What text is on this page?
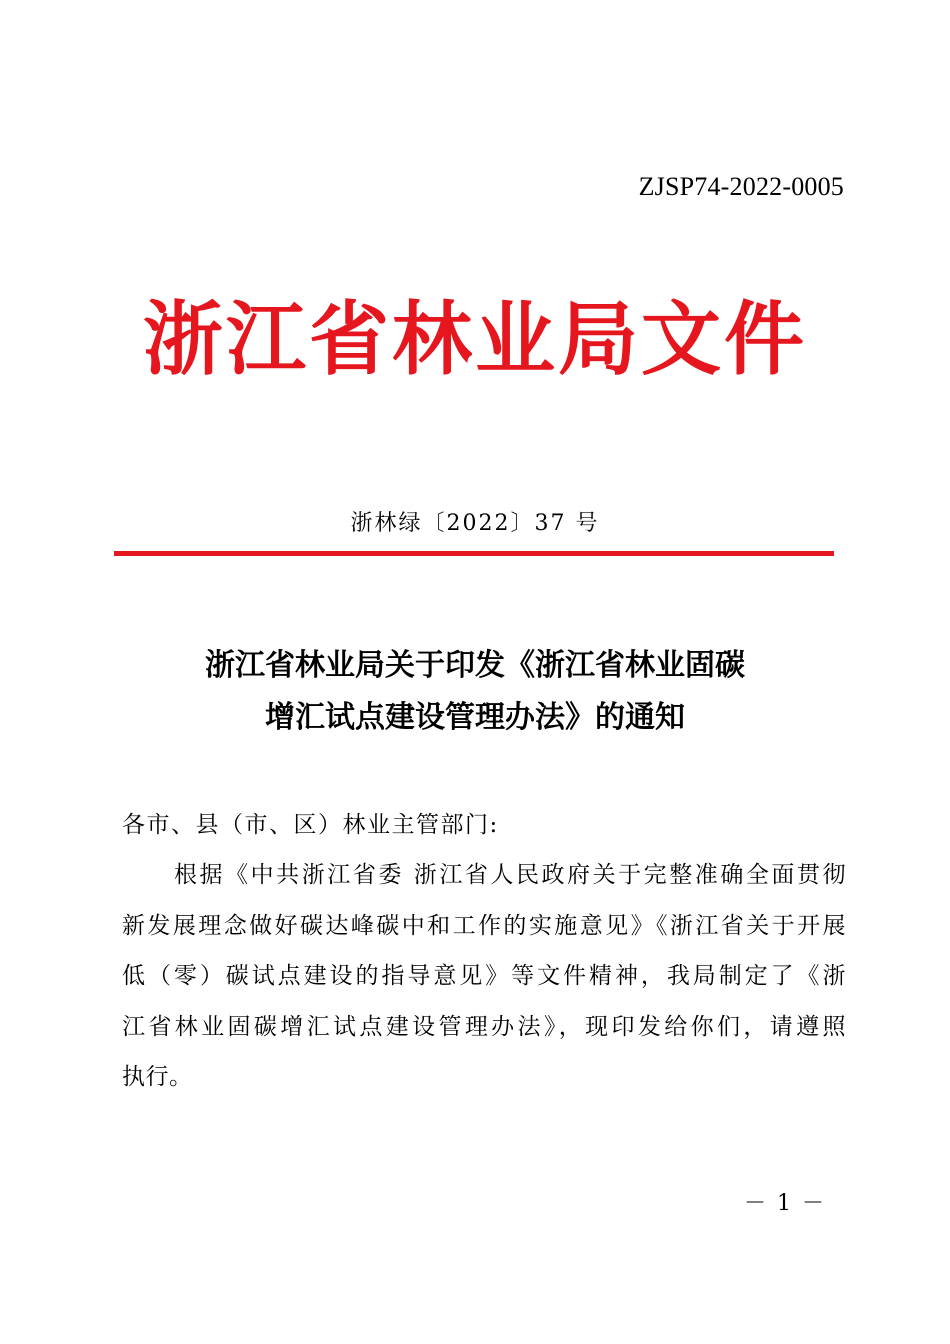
ZJSP74-2022-0005
浙江省林业局文件
浙林绿〔2022〕37 号
浙江省林业局关于印发《浙江省林业固碳
增汇试点建设管理办法》的通知
各市、县（市、区）林业主管部门:
根据《中共浙江省委 浙江省人民政府关于完整准确全面贯彻
新发展理念做好碳达峰碳中和工作的实施意见》《浙江省关于开展
低（零）碳试点建设的指导意见》等文件精神，我局制定了《浙
江省林业固碳增汇试点建设管理办法》，现印发给你们，请遵照
执行。
－ 1 －
